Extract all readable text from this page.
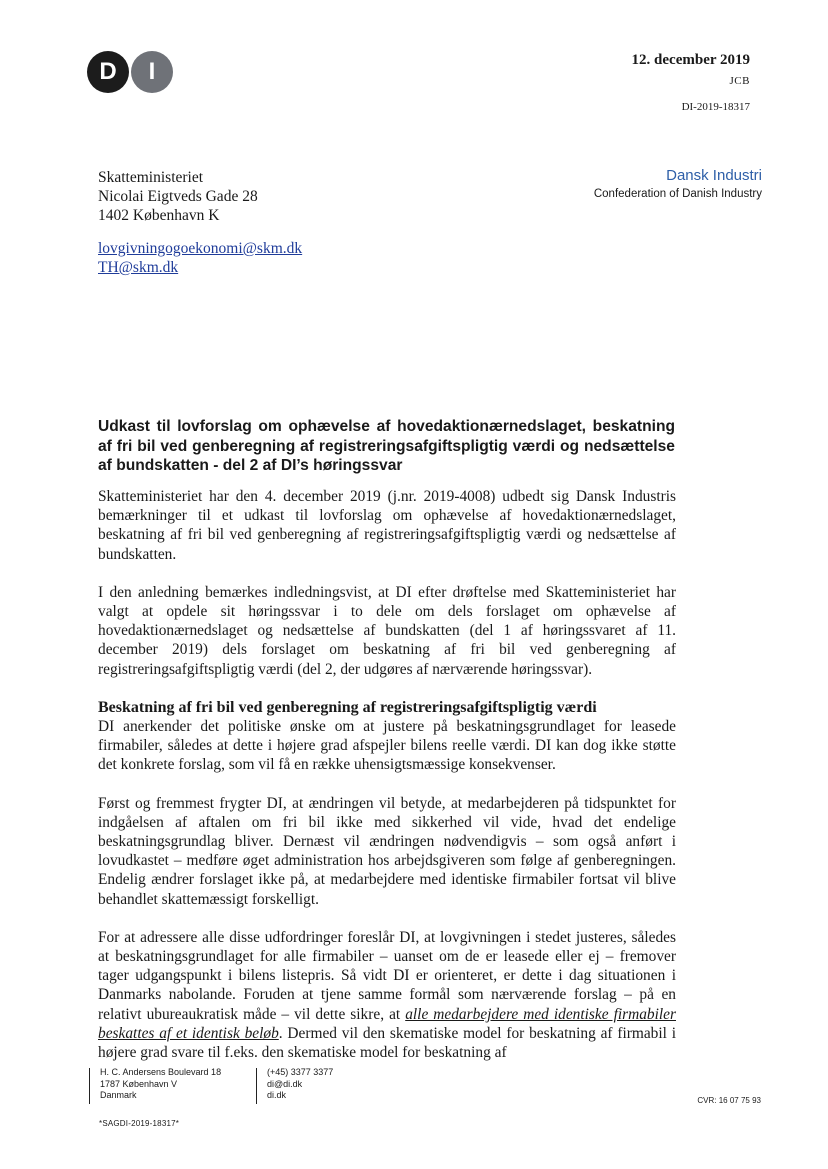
D	I	12. december 2019
JCB
DI-2019-18317
Dansk Industri
Confederation of Danish Industry
Skatteministeriet
Nicolai Eigtveds Gade 28
1402 København K
lovgivningogoekonomi@skm.dk
TH@skm.dk
Udkast til lovforslag om ophævelse af hovedaktionærnedslaget, beskatning af fri bil ved genberegning af registreringsafgiftspligtig værdi og nedsættelse af bundskatten - del 2 af DI’s høringssvar

Skatteministeriet har den 4. december 2019 (j.nr. 2019-4008) udbedt sig Dansk Industris bemærkninger til et udkast til lovforslag om ophævelse af hovedaktionærnedslaget, beskatning af fri bil ved genberegning af registreringsafgiftspligtig værdi og nedsættelse af bundskatten.

I den anledning bemærkes indledningsvist, at DI efter drøftelse med Skatteministeriet har valgt at opdele sit høringssvar i to dele om dels forslaget om ophævelse af hovedaktionærnedslaget og nedsættelse af bundskatten (del 1 af høringssvaret af 11. december 2019) dels forslaget om beskatning af fri bil ved genberegning af registreringsafgiftspligtig værdi (del 2, der udgøres af nærværende høringssvar).

Beskatning af fri bil ved genberegning af registreringsafgiftspligtig værdi

DI anerkender det politiske ønske om at justere på beskatningsgrundlaget for leasede firmabiler, således at dette i højere grad afspejler bilens reelle værdi. DI kan dog ikke støtte det konkrete forslag, som vil få en række uhensigtsmæssige konsekvenser.

Først og fremmest frygter DI, at ændringen vil betyde, at medarbejderen på tidspunktet for indgåelsen af aftalen om fri bil ikke med sikkerhed vil vide, hvad det endelige beskatningsgrundlag bliver. Dernæst vil ændringen nødvendigvis – som også anført i lovudkastet – medføre øget administration hos arbejdsgiveren som følge af genberegningen. Endelig ændrer forslaget ikke på, at medarbejdere med identiske firmabiler fortsat vil blive behandlet skattemæssigt forskelligt.

For at adressere alle disse udfordringer foreslår DI, at lovgivningen i stedet justeres, således at beskatningsgrundlaget for alle firmabiler – uanset om de er leasede eller ej – fremover tager udgangspunkt i bilens listepris. Så vidt DI er orienteret, er dette i dag situationen i Danmarks nabolande. Foruden at tjene samme formål som nærværende forslag – på en relativt ubureaukratisk måde – vil dette sikre, at alle medarbejdere med identiske firmabiler beskattes af et identisk beløb. Dermed vil den skematiske model for beskatning af firmabil i højere grad svare til f.eks. den skematiske model for beskatning af

H. C. Andersens Boulevard 18
1787 København V
Danmark
(+45) 3377 3377
di@di.dk
di.dk
CVR: 16 07 75 93
*SAGDI-2019-18317*
